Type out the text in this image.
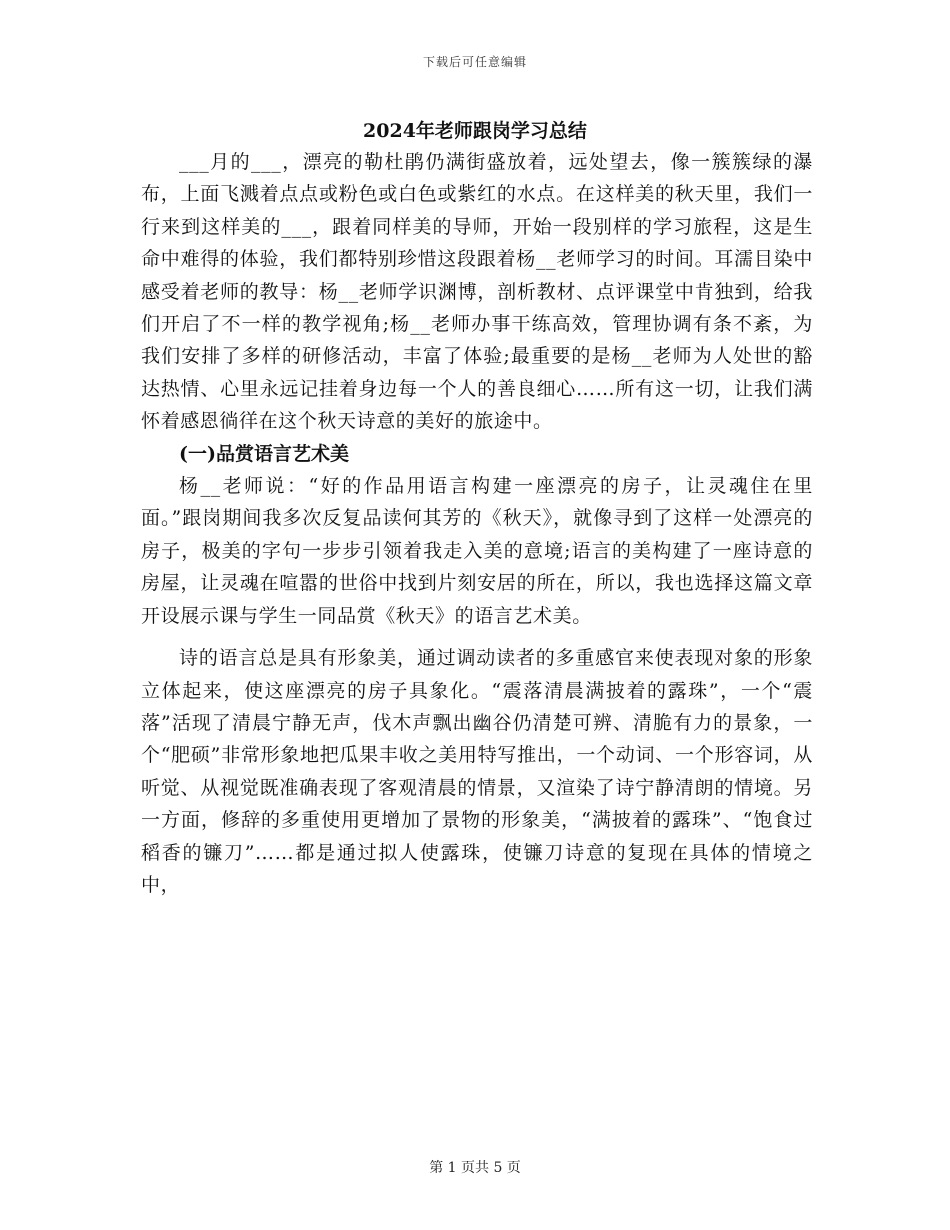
下载后可任意编辑
2024年老师跟岗学习总结

___月的___，漂亮的勒杜鹃仍满街盛放着，远处望去，像一簇簇绿的瀑布，上面飞溅着点点或粉色或白色或紫红的水点。在这样美的秋天里，我们一行来到这样美的___，跟着同样美的导师，开始一段别样的学习旅程，这是生命中难得的体验，我们都特别珍惜这段跟着杨__老师学习的时间。耳濡目染中感受着老师的教导：杨__老师学识渊博，剖析教材、点评课堂中肯独到，给我们开启了不一样的教学视角;杨__老师办事干练高效，管理协调有条不紊，为我们安排了多样的研修活动，丰富了体验;最重要的是杨__老师为人处世的豁达热情、心里永远记挂着身边每一个人的善良细心……所有这一切，让我们满怀着感恩徜徉在这个秋天诗意的美好的旅途中。

(一)品赏语言艺术美

杨__老师说：“好的作品用语言构建一座漂亮的房子，让灵魂住在里面。”跟岗期间我多次反复品读何其芳的《秋天》，就像寻到了这样一处漂亮的房子，极美的字句一步步引领着我走入美的意境;语言的美构建了一座诗意的房屋，让灵魂在喧嚣的世俗中找到片刻安居的所在，所以，我也选择这篇文章开设展示课与学生一同品赏《秋天》的语言艺术美。

诗的语言总是具有形象美，通过调动读者的多重感官来使表现对象的形象立体起来，使这座漂亮的房子具象化。“震落清晨满披着的露珠”，一个“震落”活现了清晨宁静无声，伐木声飘出幽谷仍清楚可辨、清脆有力的景象，一个“肥硕”非常形象地把瓜果丰收之美用特写推出，一个动词、一个形容词，从听觉、从视觉既准确表现了客观清晨的情景，又渲染了诗宁静清朗的情境。另一方面，修辞的多重使用更增加了景物的形象美，“满披着的露珠”、“饱食过稻香的镰刀”……都是通过拟人使露珠，使镰刀诗意的复现在具体的情境之中，

第 1 页共 5 页
